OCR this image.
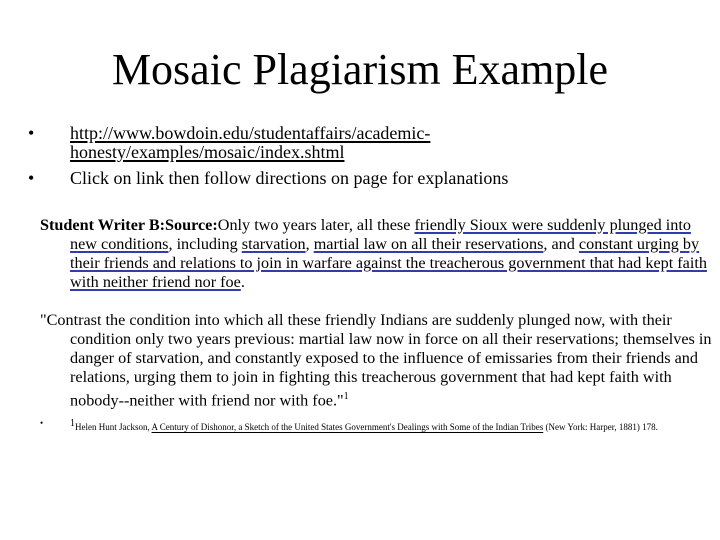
Mosaic Plagiarism Example
• http://www.bowdoin.edu/studentaffairs/academic-honesty/examples/mosaic/index.shtml
• Click on link then follow directions on page for explanations
Student Writer B:Source:Only two years later, all these friendly Sioux were suddenly plunged into new conditions, including starvation, martial law on all their reservations, and constant urging by their friends and relations to join in warfare against the treacherous government that had kept faith with neither friend nor foe.
"Contrast the condition into which all these friendly Indians are suddenly plunged now, with their condition only two years previous: martial law now in force on all their reservations; themselves in danger of starvation, and constantly exposed to the influence of emissaries from their friends and relations, urging them to join in fighting this treacherous government that had kept faith with nobody--neither with friend nor with foe."$^1$
•	$^1$Helen Hunt Jackson, A Century of Dishonor, a Sketch of the United States Government's Dealings with Some of the Indian Tribes (New York: Harper, 1881) 178.
